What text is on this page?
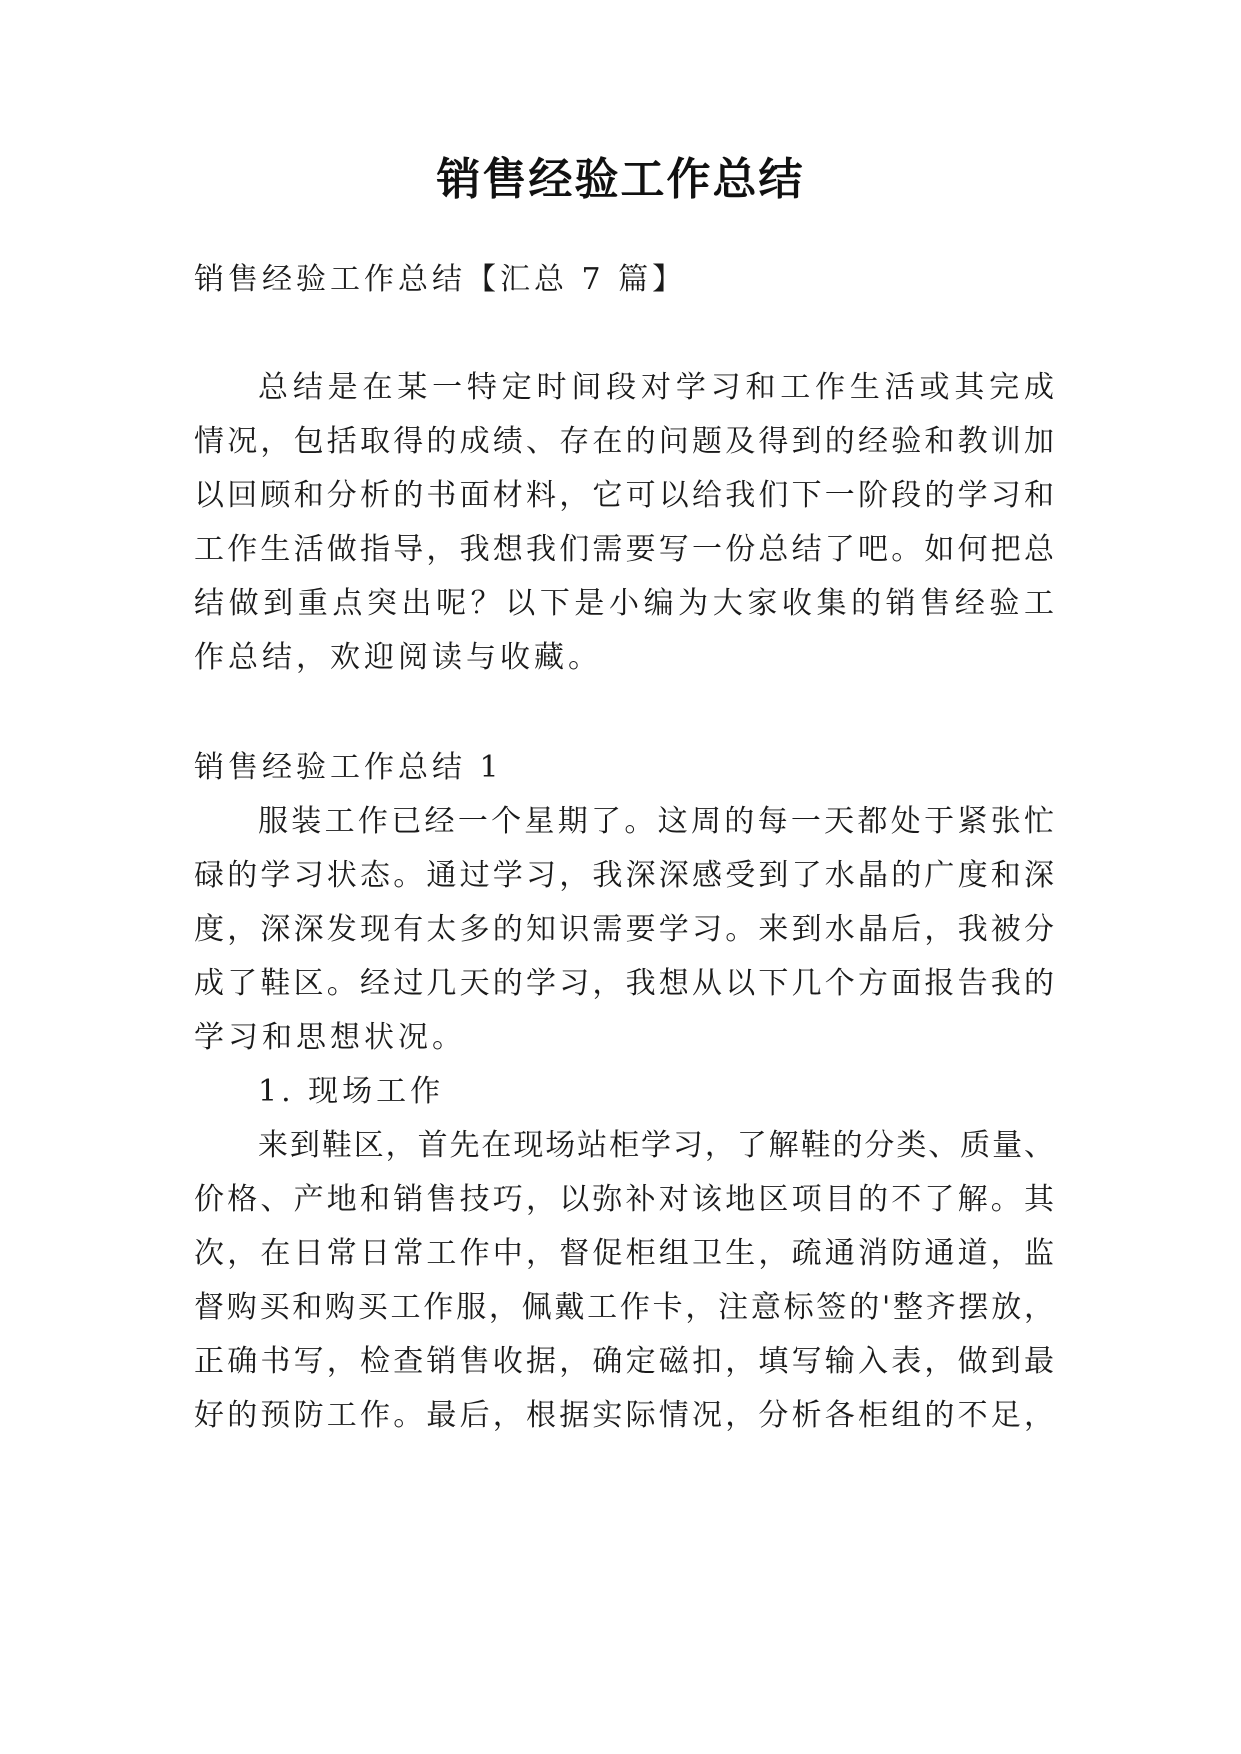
销售经验工作总结
销售经验工作总结【汇总 7 篇】
总结是在某一特定时间段对学习和工作生活或其完成
情况，包括取得的成绩、存在的问题及得到的经验和教训加
以回顾和分析的书面材料，它可以给我们下一阶段的学习和
工作生活做指导，我想我们需要写一份总结了吧。如何把总
结做到重点突出呢？以下是小编为大家收集的销售经验工
作总结，欢迎阅读与收藏。
销售经验工作总结 1
服装工作已经一个星期了。这周的每一天都处于紧张忙
碌的学习状态。通过学习，我深深感受到了水晶的广度和深
度，深深发现有太多的知识需要学习。来到水晶后，我被分
成了鞋区。经过几天的学习，我想从以下几个方面报告我的
学习和思想状况。
1. 现场工作
来到鞋区，首先在现场站柜学习，了解鞋的分类、质量、
价格、产地和销售技巧，以弥补对该地区项目的不了解。其
次，在日常日常工作中，督促柜组卫生，疏通消防通道，监
督购买和购买工作服，佩戴工作卡，注意标签的'整齐摆放，
正确书写，检查销售收据，确定磁扣，填写输入表，做到最
好的预防工作。最后，根据实际情况，分析各柜组的不足，
